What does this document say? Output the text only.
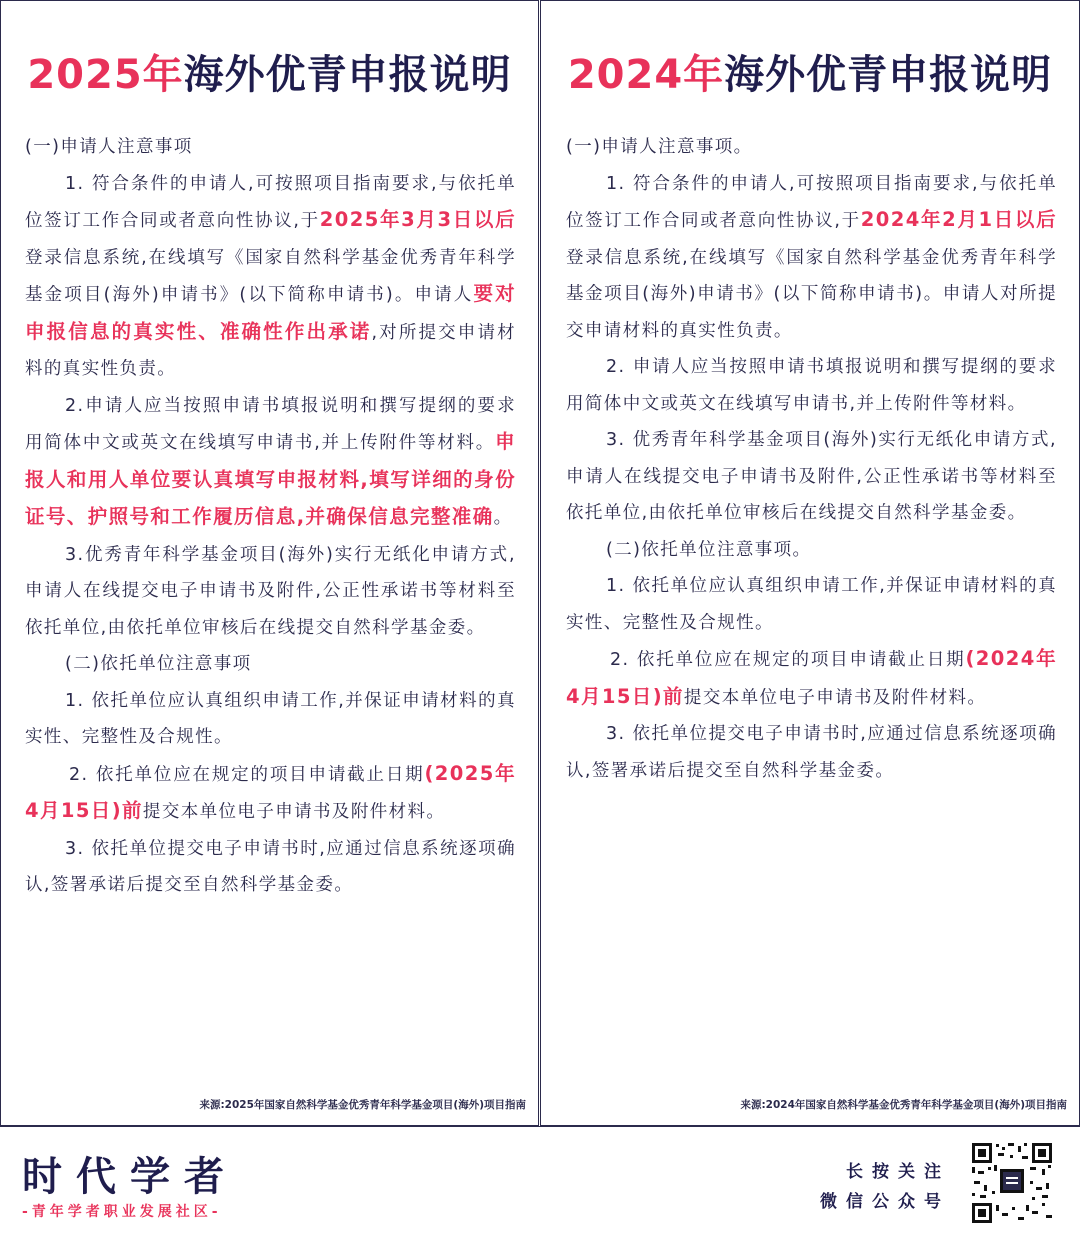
2025年海外优青申报说明

(一)申请人注意事项

1. 符合条件的申请人,可按照项目指南要求,与依托单位签订工作合同或者意向性协议,于2025年3月3日以后登录信息系统,在线填写《国家自然科学基金优秀青年科学基金项目(海外)申请书》(以下简称申请书)。申请人要对申报信息的真实性、准确性作出承诺,对所提交申请材料的真实性负责。

2.申请人应当按照申请书填报说明和撰写提纲的要求用简体中文或英文在线填写申请书,并上传附件等材料。申报人和用人单位要认真填写申报材料,填写详细的身份证号、护照号和工作履历信息,并确保信息完整准确。

3.优秀青年科学基金项目(海外)实行无纸化申请方式,申请人在线提交电子申请书及附件,公正性承诺书等材料至依托单位,由依托单位审核后在线提交自然科学基金委。

(二)依托单位注意事项

1. 依托单位应认真组织申请工作,并保证申请材料的真实性、完整性及合规性。

2. 依托单位应在规定的项目申请截止日期(2025年4月15日)前提交本单位电子申请书及附件材料。

3. 依托单位提交电子申请书时,应通过信息系统逐项确认,签署承诺后提交至自然科学基金委。

来源:2025年国家自然科学基金优秀青年科学基金项目(海外)项目指南
2024年海外优青申报说明

(一)申请人注意事项。

1. 符合条件的申请人,可按照项目指南要求,与依托单位签订工作合同或者意向性协议,于2024年2月1日以后登录信息系统,在线填写《国家自然科学基金优秀青年科学基金项目(海外)申请书》(以下简称申请书)。申请人对所提交申请材料的真实性负责。

2. 申请人应当按照申请书填报说明和撰写提纲的要求用简体中文或英文在线填写申请书,并上传附件等材料。

3. 优秀青年科学基金项目(海外)实行无纸化申请方式,申请人在线提交电子申请书及附件,公正性承诺书等材料至依托单位,由依托单位审核后在线提交自然科学基金委。

(二)依托单位注意事项。

1. 依托单位应认真组织申请工作,并保证申请材料的真实性、完整性及合规性。

2. 依托单位应在规定的项目申请截止日期(2024年4月15日)前提交本单位电子申请书及附件材料。

3. 依托单位提交电子申请书时,应通过信息系统逐项确认,签署承诺后提交至自然科学基金委。

来源:2024年国家自然科学基金优秀青年科学基金项目(海外)项目指南
时代学者
-青年学者职业发展社区-
长按关注
微信公众号
